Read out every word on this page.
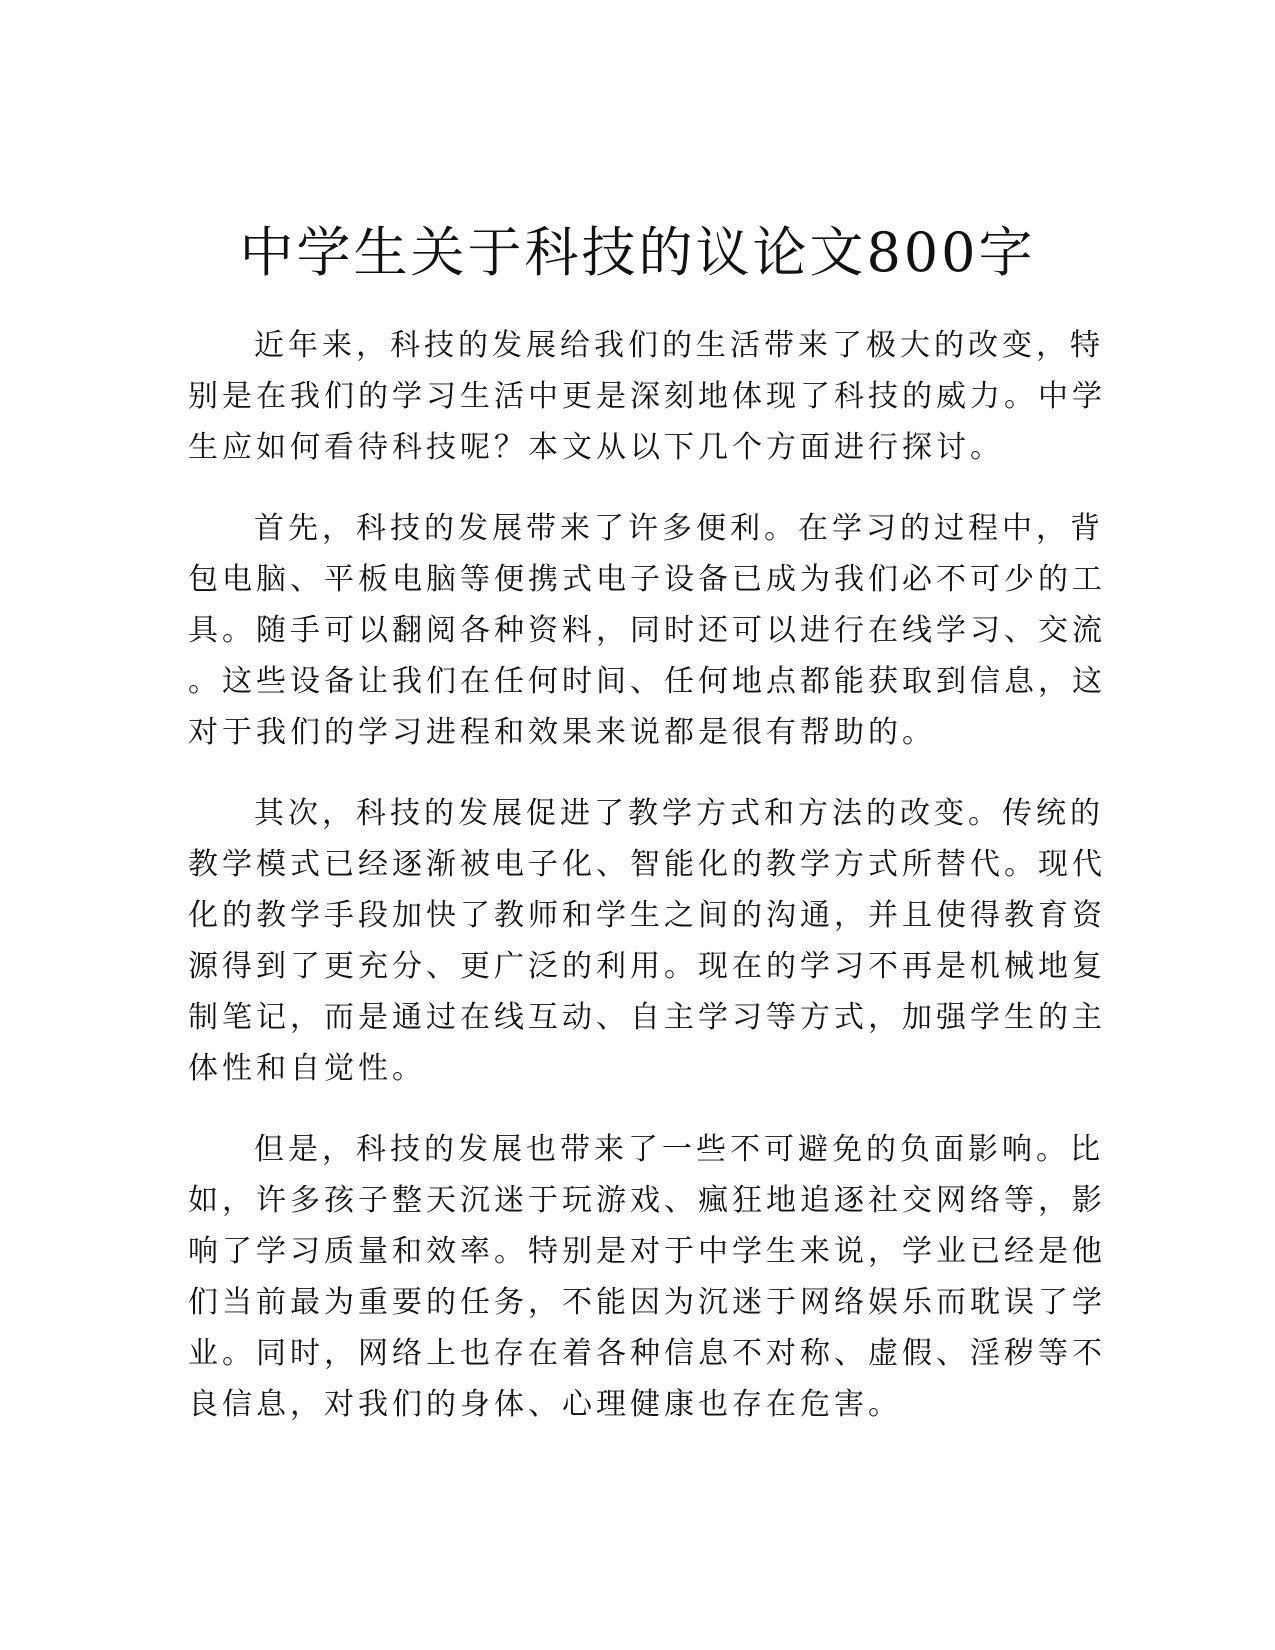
中学生关于科技的议论文800字

近年来，科技的发展给我们的生活带来了极大的改变，特
别是在我们的学习生活中更是深刻地体现了科技的威力。中学
生应如何看待科技呢？本文从以下几个方面进行探讨。

首先，科技的发展带来了许多便利。在学习的过程中，背
包电脑、平板电脑等便携式电子设备已成为我们必不可少的工
具。随手可以翻阅各种资料，同时还可以进行在线学习、交流
。这些设备让我们在任何时间、任何地点都能获取到信息，这
对于我们的学习进程和效果来说都是很有帮助的。

其次，科技的发展促进了教学方式和方法的改变。传统的
教学模式已经逐渐被电子化、智能化的教学方式所替代。现代
化的教学手段加快了教师和学生之间的沟通，并且使得教育资
源得到了更充分、更广泛的利用。现在的学习不再是机械地复
制笔记，而是通过在线互动、自主学习等方式，加强学生的主
体性和自觉性。

但是，科技的发展也带来了一些不可避免的负面影响。比
如，许多孩子整天沉迷于玩游戏、瘋狂地追逐社交网络等，影
响了学习质量和效率。特别是对于中学生来说，学业已经是他
们当前最为重要的任务，不能因为沉迷于网络娱乐而耽误了学
业。同时，网络上也存在着各种信息不对称、虚假、淫秽等不
良信息，对我们的身体、心理健康也存在危害。
